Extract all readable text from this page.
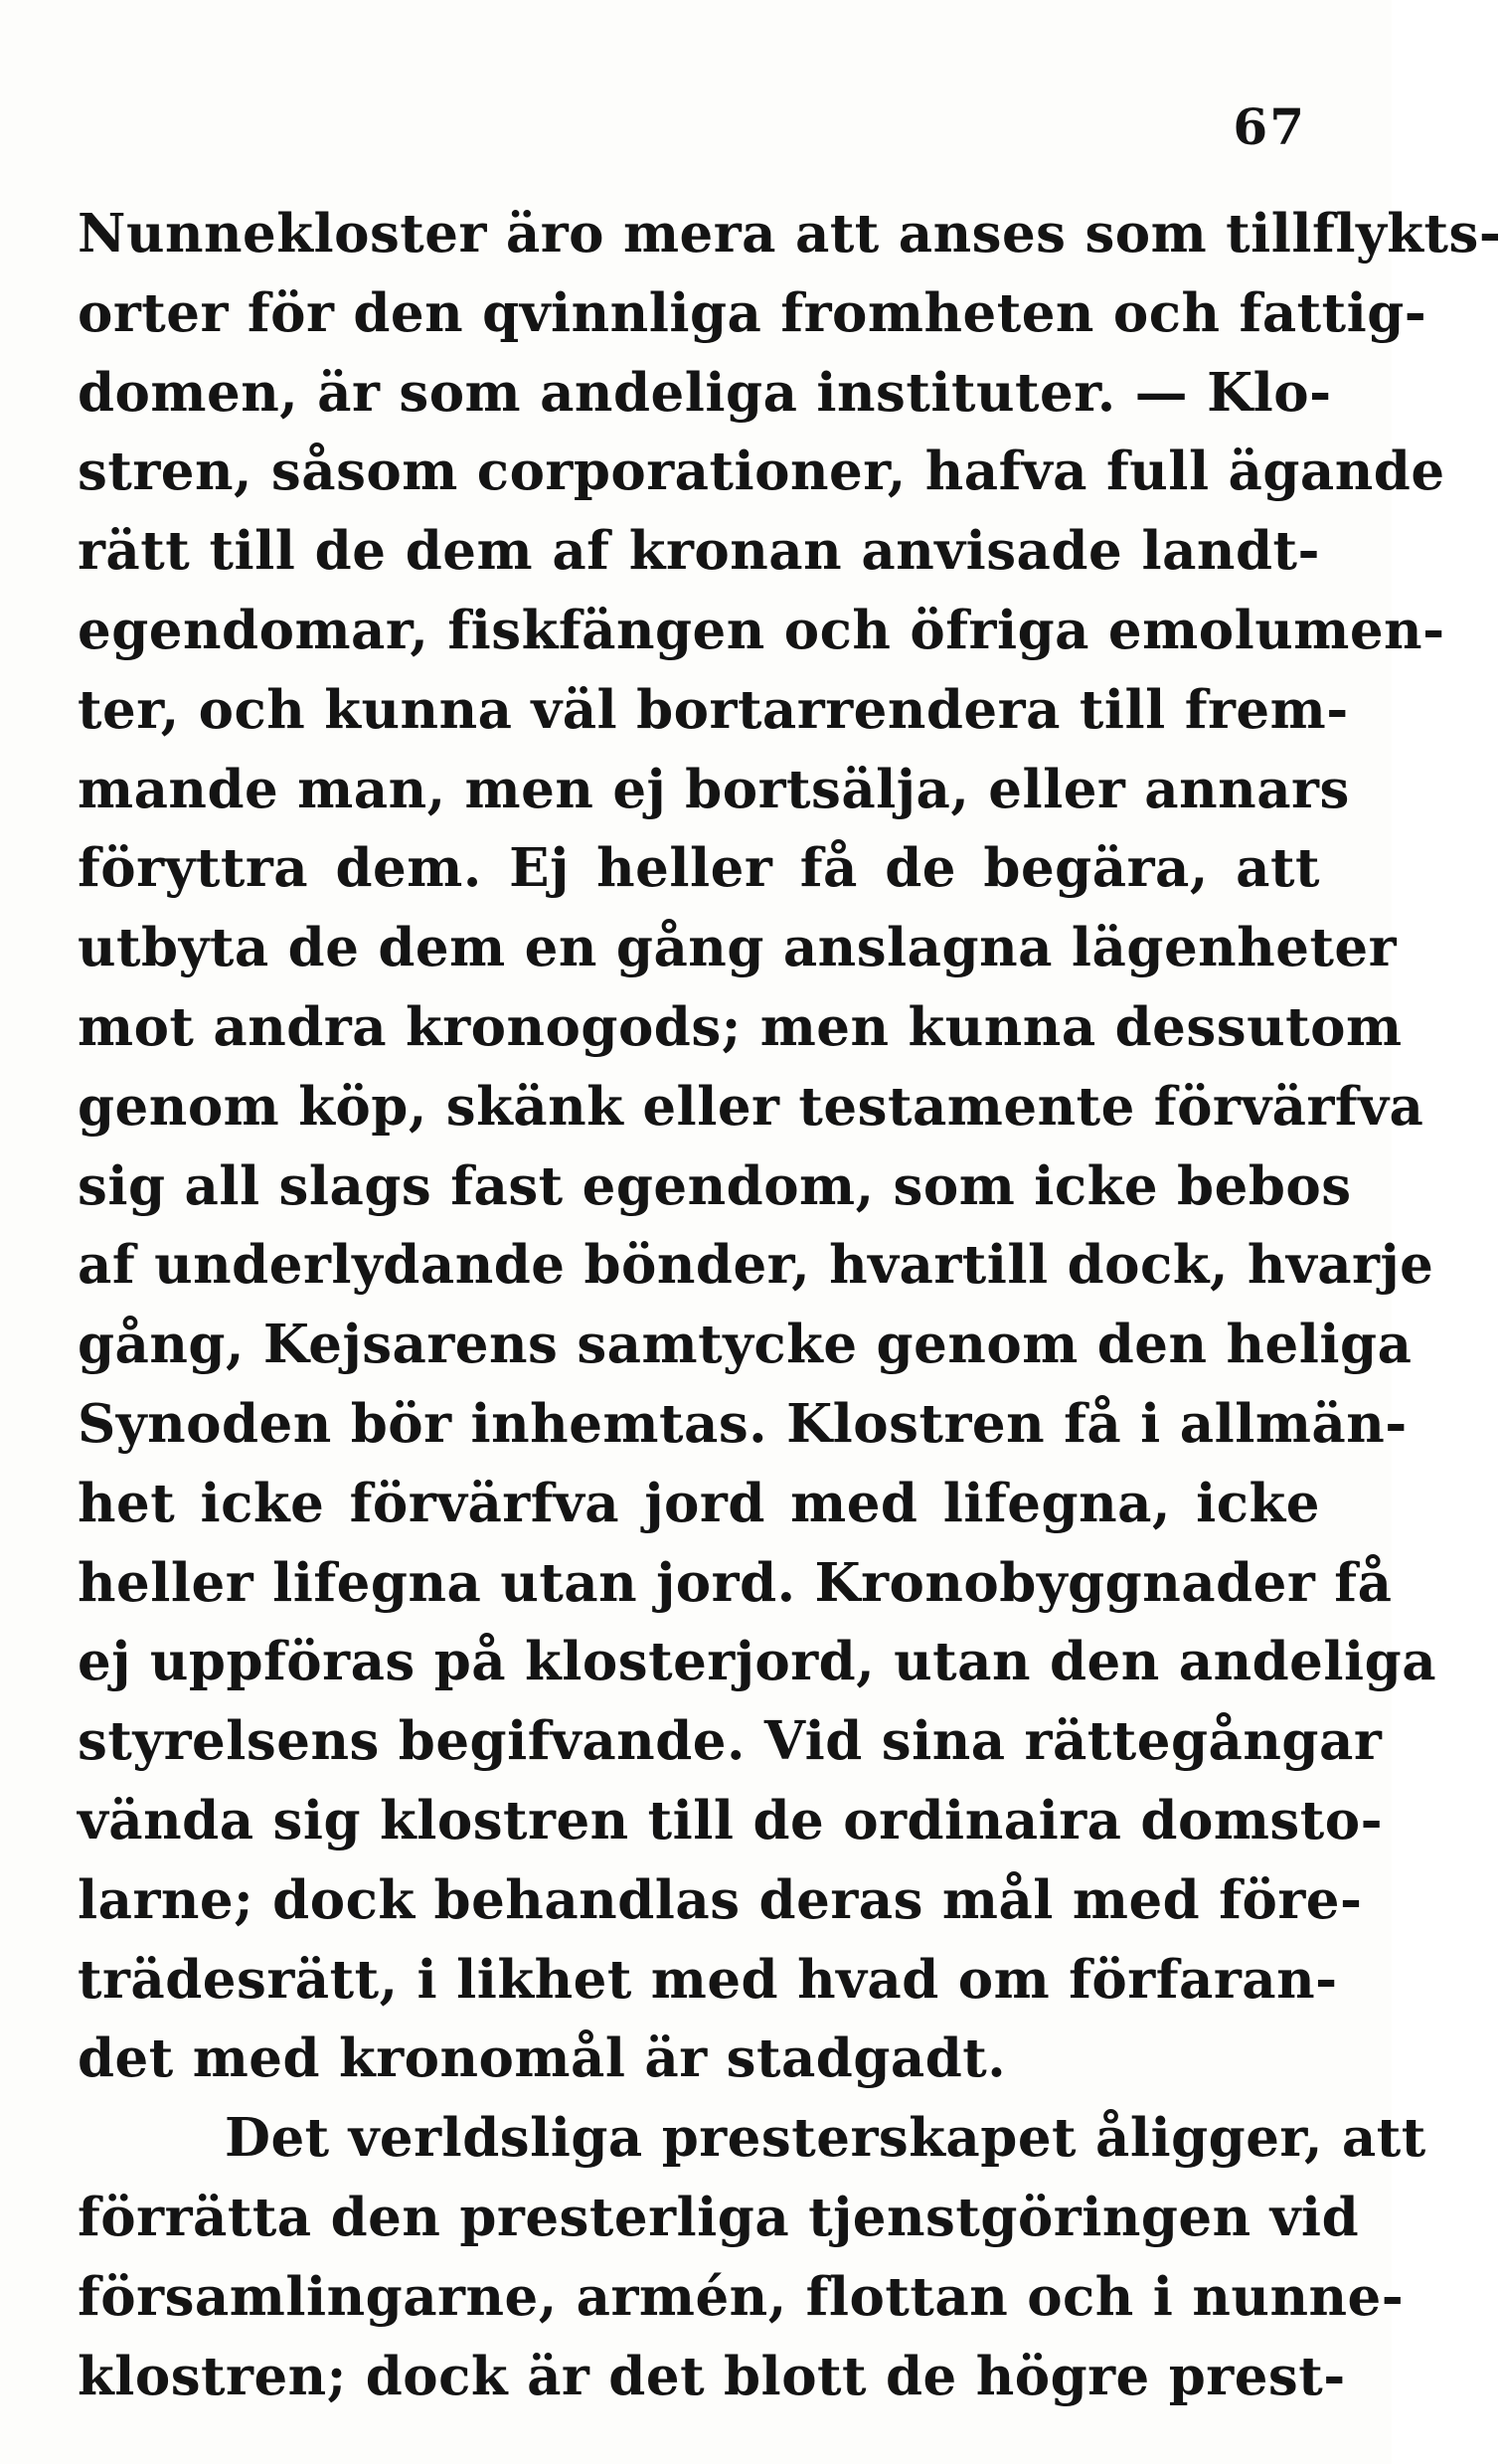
67
Nunnekloster äro mera att anses som tillflykts-
orter för den qvinnliga fromheten och fattig-
domen, är som andeliga instituter. — Klo-
stren, såsom corporationer, hafva full ägande
rätt till de dem af kronan anvisade landt-
egendomar, fiskfängen och öfriga emolumen-
ter, och kunna väl bortarrendera till frem-
mande man, men ej bortsälja, eller annars
föryttra dem. Ej heller få de begära, att
utbyta de dem en gång anslagna lägenheter
mot andra kronogods; men kunna dessutom
genom köp, skänk eller testamente förvärfva
sig all slags fast egendom, som icke bebos
af underlydande bönder, hvartill dock, hvarje
gång, Kejsarens samtycke genom den heliga
Synoden bör inhemtas. Klostren få i allmän-
het icke förvärfva jord med lifegna, icke
heller lifegna utan jord. Kronobyggnader få
ej uppföras på klosterjord, utan den andeliga
styrelsens begifvande. Vid sina rättegångar
vända sig klostren till de ordinaira domsto-
larne; dock behandlas deras mål med före-
trädesrätt, i likhet med hvad om förfaran-
det med kronomål är stadgadt.
Det verldsliga presterskapet åligger, att
förrätta den presterliga tjenstgöringen vid
församlingarne, armén, flottan och i nunne-
klostren; dock är det blott de högre prest-
